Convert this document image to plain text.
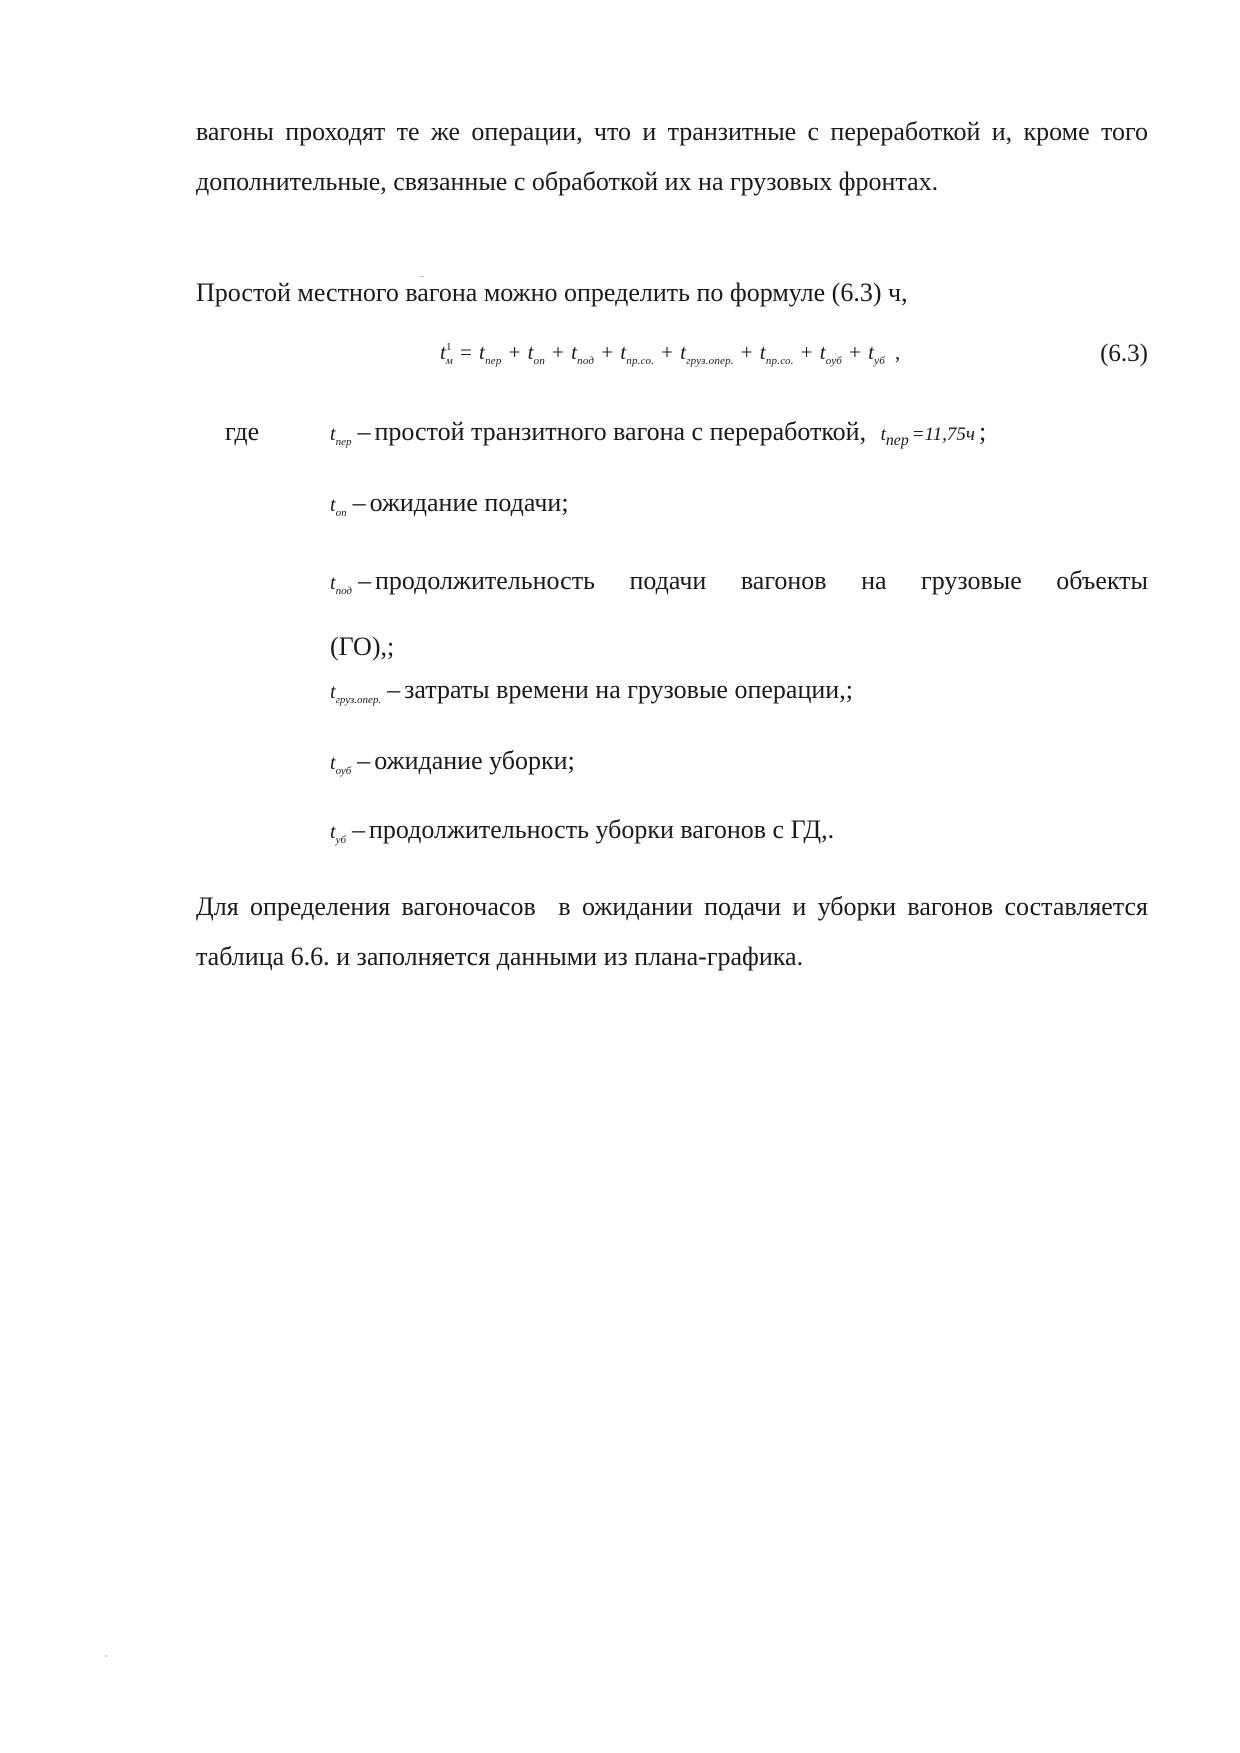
вагоны проходят те же операции, что и транзитные с переработкой и, кроме того дополнительные, связанные с обработкой их на грузовых фронтах.

Простой местного вагона можно определить по формуле (6.3) ч,
$t^1_м = t_{пер} + t_{оп} + t_{под} + t_{пр.со.} + t_{груз.опер.} + t_{пр.со.} + t_{оуб} + t_{уб}$ ,	(6.3)
где	$t_{пер}$ – простой транзитного вагона с переработкой, $t_{пер} =11,75ч$ ;
$t_{оп}$ – ожидание подачи;
$t_{под}$ – продолжительность подачи вагонов на грузовые объекты
(ГО),;
$t_{груз.опер.}$ – затраты времени на грузовые операции,;
$t_{оуб}$ – ожидание уборки;
$t_{уб}$ – продолжительность уборки вагонов с ГД,.

Для определения вагоночасов  в ожидании подачи и уборки вагонов составляется таблица 6.6. и заполняется данными из плана-графика.
